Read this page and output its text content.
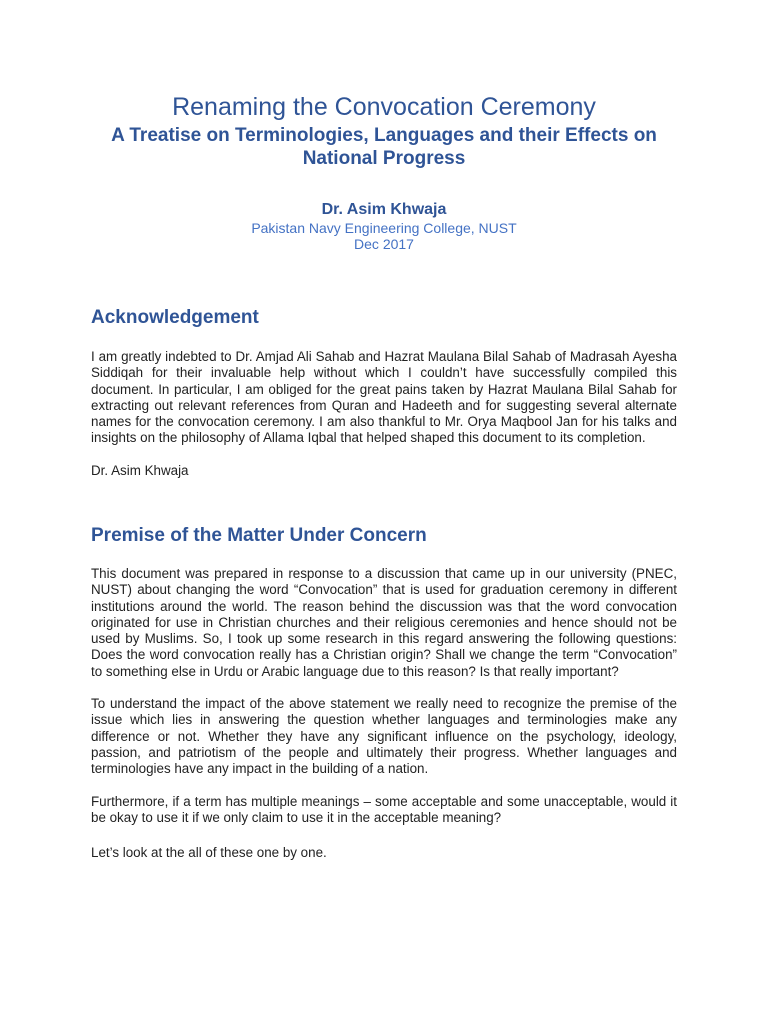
Renaming the Convocation Ceremony
A Treatise on Terminologies, Languages and their Effects on National Progress
Dr. Asim Khwaja
Pakistan Navy Engineering College, NUST
Dec 2017
Acknowledgement

I am greatly indebted to Dr. Amjad Ali Sahab and Hazrat Maulana Bilal Sahab of Madrasah Ayesha Siddiqah for their invaluable help without which I couldn’t have successfully compiled this document. In particular, I am obliged for the great pains taken by Hazrat Maulana Bilal Sahab for extracting out relevant references from Quran and Hadeeth and for suggesting several alternate names for the convocation ceremony. I am also thankful to Mr. Orya Maqbool Jan for his talks and insights on the philosophy of Allama Iqbal that helped shaped this document to its completion.

Dr. Asim Khwaja

Premise of the Matter Under Concern

This document was prepared in response to a discussion that came up in our university (PNEC, NUST) about changing the word “Convocation” that is used for graduation ceremony in different institutions around the world. The reason behind the discussion was that the word convocation originated for use in Christian churches and their religious ceremonies and hence should not be used by Muslims. So, I took up some research in this regard answering the following questions: Does the word convocation really has a Christian origin? Shall we change the term “Convocation” to something else in Urdu or Arabic language due to this reason? Is that really important?

To understand the impact of the above statement we really need to recognize the premise of the issue which lies in answering the question whether languages and terminologies make any difference or not. Whether they have any significant influence on the psychology, ideology, passion, and patriotism of the people and ultimately their progress. Whether languages and terminologies have any impact in the building of a nation.

Furthermore, if a term has multiple meanings – some acceptable and some unacceptable, would it be okay to use it if we only claim to use it in the acceptable meaning?

Let’s look at the all of these one by one.
